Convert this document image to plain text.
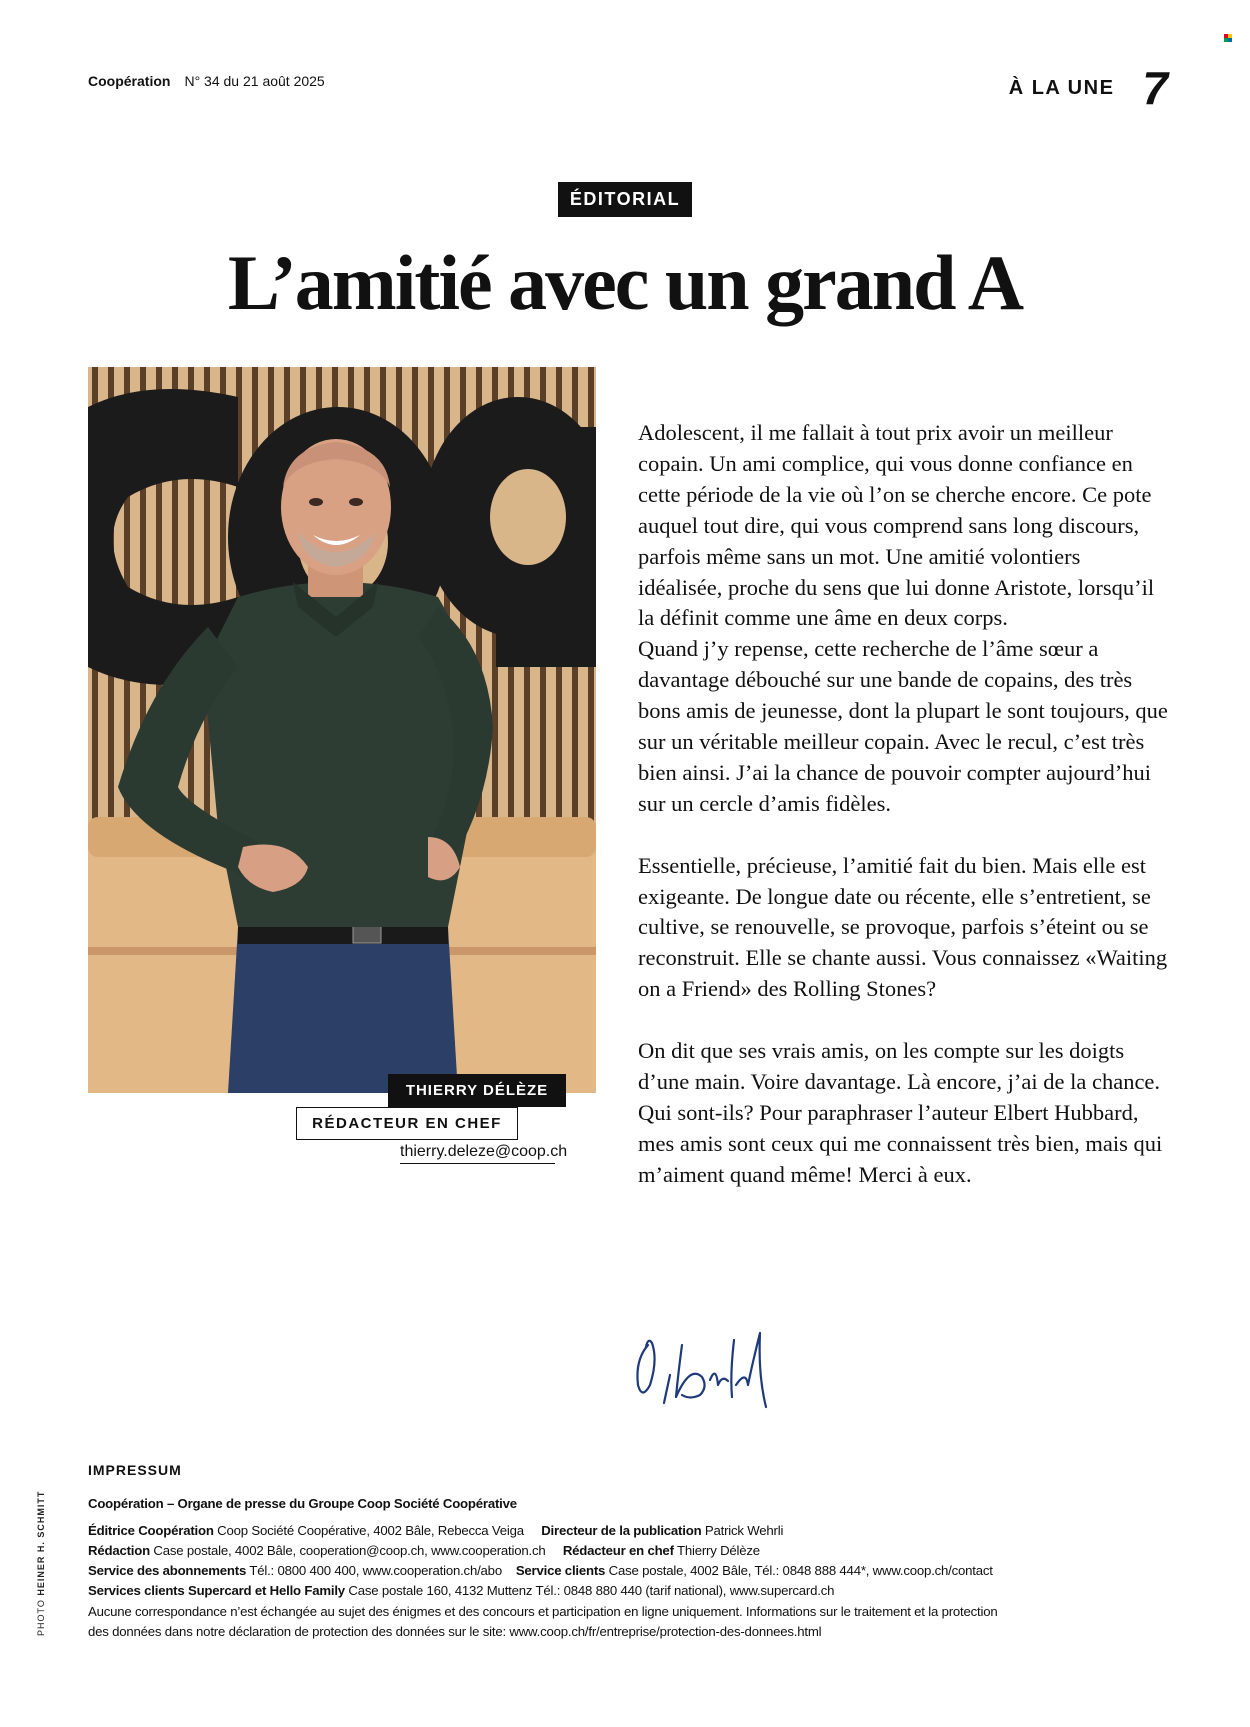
Coopération N° 34 du 21 août 2025	À LA UNE 7
ÉDITORIAL
L’amitié avec un grand A
THIERRY DÉLÈZE
RÉDACTEUR EN CHEF
thierry.deleze@coop.ch

Adolescent, il me fallait à tout prix avoir un meilleur copain. Un ami complice, qui vous donne confiance en cette période de la vie où l’on se cherche encore. Ce pote auquel tout dire, qui vous comprend sans long discours, parfois même sans un mot. Une amitié volontiers idéalisée, proche du sens que lui donne Aristote, lorsqu’il la définit comme une âme en deux corps.

Quand j’y repense, cette recherche de l’âme sœur a davantage débouché sur une bande de copains, des très bons amis de jeunesse, dont la plupart le sont toujours, que sur un véritable meilleur copain. Avec le recul, c’est très bien ainsi. J’ai la chance de pouvoir compter aujourd’hui sur un cercle d’amis fidèles.

Essentielle, précieuse, l’amitié fait du bien. Mais elle est exigeante. De longue date ou récente, elle s’entretient, se cultive, se renouvelle, se provoque, parfois s’éteint ou se reconstruit. Elle se chante aussi. Vous connaissez «Waiting on a Friend» des Rolling Stones?

On dit que ses vrais amis, on les compte sur les doigts d’une main. Voire davantage. Là encore, j’ai de la chance. Qui sont-ils? Pour paraphraser l’auteur Elbert Hubbard, mes amis sont ceux qui me connaissent très bien, mais qui m’aiment quand même! Merci à eux.

IMPRESSUM
Coopération – Organe de presse du Groupe Coop Société Coopérative
Éditrice Coopération Coop Société Coopérative, 4002 Bâle, Rebecca Veiga Directeur de la publication Patrick Wehrli
Rédaction Case postale, 4002 Bâle, cooperation@coop.ch, www.cooperation.ch Rédacteur en chef Thierry Délèze
Service des abonnements Tél.: 0800 400 400, www.cooperation.ch/abo Service clients Case postale, 4002 Bâle, Tél.: 0848 888 444*, www.coop.ch/contact
Services clients Supercard et Hello Family Case postale 160, 4132 Muttenz Tél.: 0848 880 440 (tarif national), www.supercard.ch
Aucune correspondance n’est échangée au sujet des énigmes et des concours et participation en ligne uniquement. Informations sur le traitement et la protection
des données dans notre déclaration de protection des données sur le site: www.coop.ch/fr/entreprise/protection-des-donnees.html
PHOTO HEINER H. SCHMITT
